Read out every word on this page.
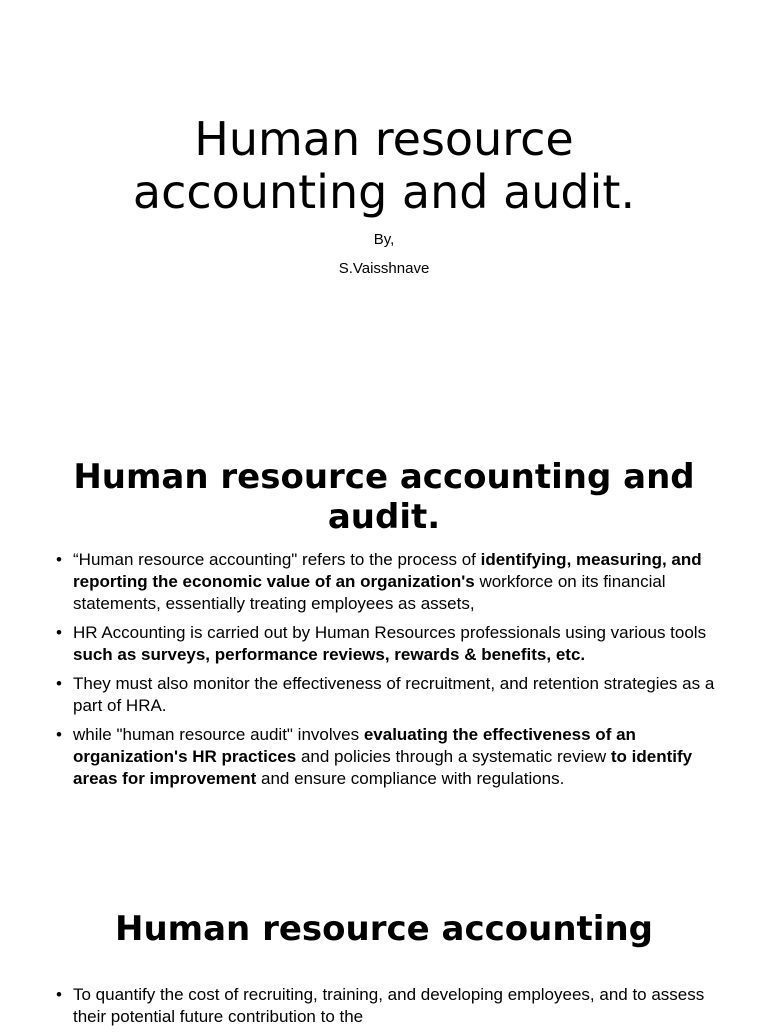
Human resource
accounting and audit.

By,

S.Vaisshnave

Human resource accounting and
audit.
• “Human resource accounting" refers to the process of identifying, measuring, and reporting the economic value of an organization's workforce on its financial statements, essentially treating employees as assets,
• HR Accounting is carried out by Human Resources professionals using various tools such as surveys, performance reviews, rewards & benefits, etc.
• They must also monitor the effectiveness of recruitment, and retention strategies as a part of HRA.
• while "human resource audit" involves evaluating the effectiveness of an organization's HR practices and policies through a systematic review to identify areas for improvement and ensure compliance with regulations.
Human resource accounting
• To quantify the cost of recruiting, training, and developing employees, and to assess their potential future contribution to the
